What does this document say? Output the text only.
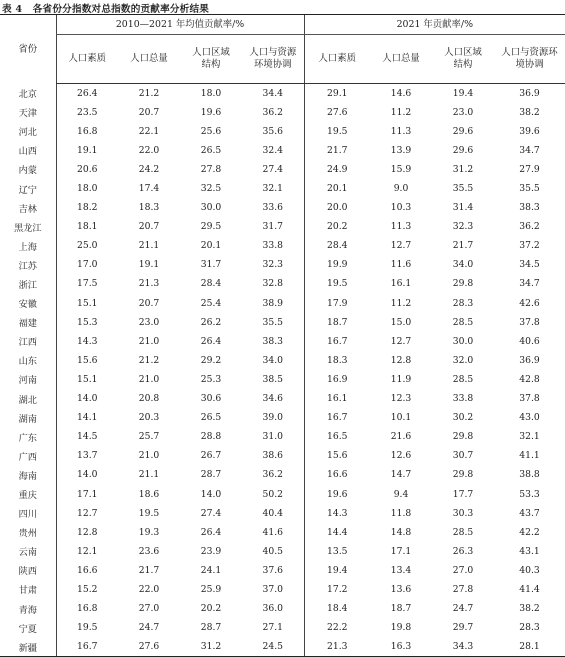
表 4 各省份分指数对总指数的贡献率分析结果
省份	2010—2021 年均值贡献率/%				2021 年贡献率/%			

	人口素质	人口总量	人口区域结构	人口与资源环境协调	人口素质	人口总量	人口区域结构	人口与资源环境协调

北京	26.4	21.2	18.0	34.4	29.1	14.6	19.4	36.9
天津	23.5	20.7	19.6	36.2	27.6	11.2	23.0	38.2
河北	16.8	22.1	25.6	35.6	19.5	11.3	29.6	39.6
山西	19.1	22.0	26.5	32.4	21.7	13.9	29.6	34.7
内蒙	20.6	24.2	27.8	27.4	24.9	15.9	31.2	27.9
辽宁	18.0	17.4	32.5	32.1	20.1	9.0	35.5	35.5
吉林	18.2	18.3	30.0	33.6	20.0	10.3	31.4	38.3
黑龙江	18.1	20.7	29.5	31.7	20.2	11.3	32.3	36.2
上海	25.0	21.1	20.1	33.8	28.4	12.7	21.7	37.2
江苏	17.0	19.1	31.7	32.3	19.9	11.6	34.0	34.5
浙江	17.5	21.3	28.4	32.8	19.5	16.1	29.8	34.7
安徽	15.1	20.7	25.4	38.9	17.9	11.2	28.3	42.6
福建	15.3	23.0	26.2	35.5	18.7	15.0	28.5	37.8
江西	14.3	21.0	26.4	38.3	16.7	12.7	30.0	40.6
山东	15.6	21.2	29.2	34.0	18.3	12.8	32.0	36.9
河南	15.1	21.0	25.3	38.5	16.9	11.9	28.5	42.8
湖北	14.0	20.8	30.6	34.6	16.1	12.3	33.8	37.8
湖南	14.1	20.3	26.5	39.0	16.7	10.1	30.2	43.0
广东	14.5	25.7	28.8	31.0	16.5	21.6	29.8	32.1
广西	13.7	21.0	26.7	38.6	15.6	12.6	30.7	41.1
海南	14.0	21.1	28.7	36.2	16.6	14.7	29.8	38.8
重庆	17.1	18.6	14.0	50.2	19.6	9.4	17.7	53.3
四川	12.7	19.5	27.4	40.4	14.3	11.8	30.3	43.7
贵州	12.8	19.3	26.4	41.6	14.4	14.8	28.5	42.2
云南	12.1	23.6	23.9	40.5	13.5	17.1	26.3	43.1
陕西	16.6	21.7	24.1	37.6	19.4	13.4	27.0	40.3
甘肃	15.2	22.0	25.9	37.0	17.2	13.6	27.8	41.4
青海	16.8	27.0	20.2	36.0	18.4	18.7	24.7	38.2
宁夏	19.5	24.7	28.7	27.1	22.2	19.8	29.7	28.3
新疆	16.7	27.6	31.2	24.5	21.3	16.3	34.3	28.1
